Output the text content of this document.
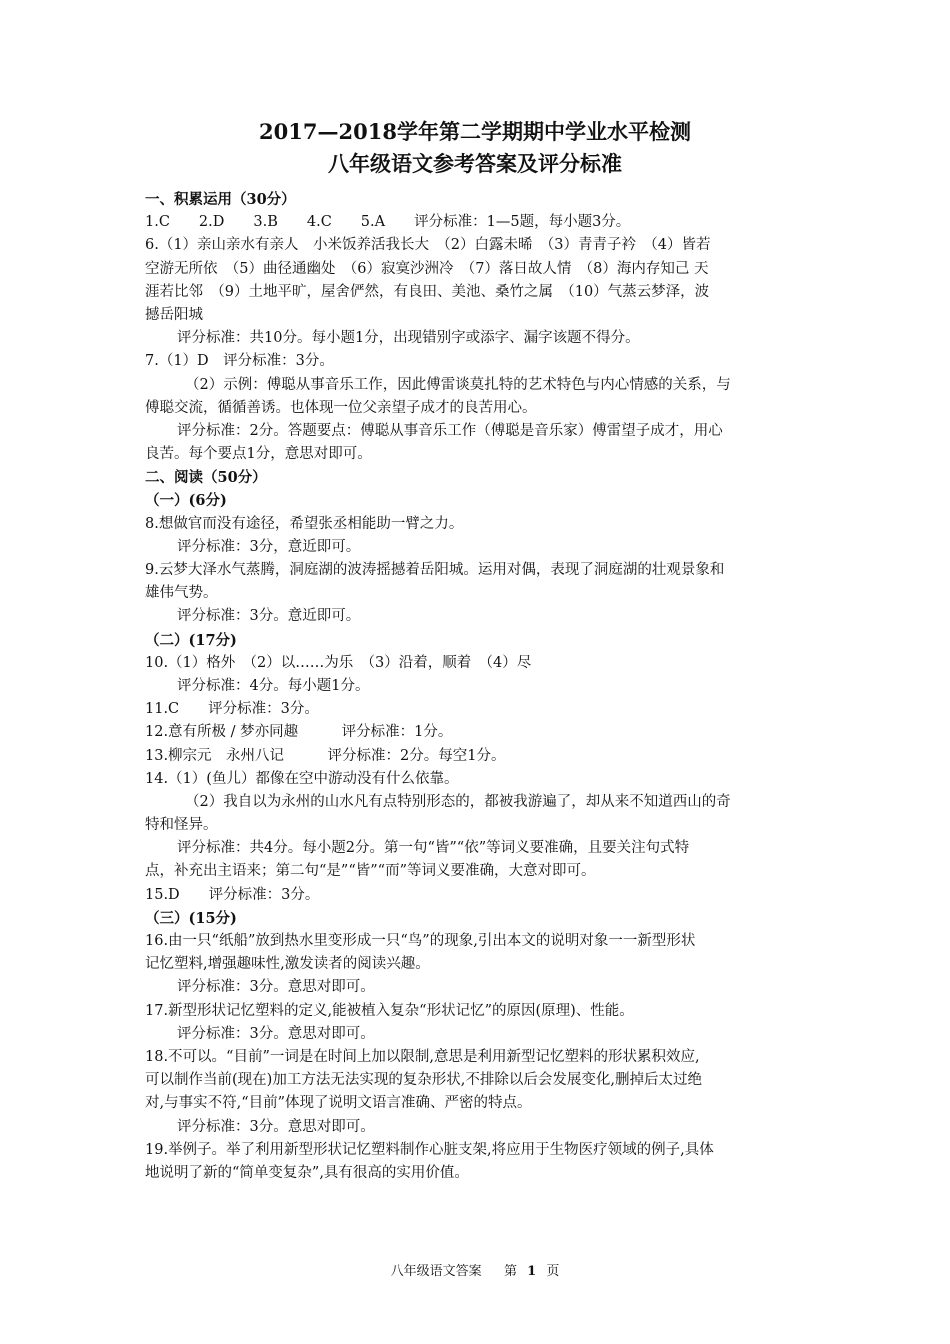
2017—2018学年第二学期期中学业水平检测
八年级语文参考答案及评分标准
一、积累运用（30分）
1.C　　2.D　　3.B　　4.C　　5.A　　评分标准：1—5题，每小题3分。
6.（1）亲山亲水有亲人　小米饭养活我长大　（2）白露未晞　（3）青青子衿　（4）皆若
空游无所依　（5）曲径通幽处　（6）寂寞沙洲冷　（7）落日故人情　（8）海内存知己 天
涯若比邻　（9）土地平旷，屋舍俨然，有良田、美池、桑竹之属　（10）气蒸云梦泽，波
撼岳阳城
评分标准：共10分。每小题1分，出现错别字或添字、漏字该题不得分。
7.（1）D　评分标准：3分。
（2）示例：傅聪从事音乐工作，因此傅雷谈莫扎特的艺术特色与内心情感的关系，与
傅聪交流，循循善诱。也体现一位父亲望子成才的良苦用心。
评分标准：2分。答题要点：傅聪从事音乐工作（傅聪是音乐家）傅雷望子成才，用心
良苦。每个要点1分，意思对即可。
二、阅读（50分）
（一）(6分)
8.想做官而没有途径，希望张丞相能助一臂之力。
评分标准：3分，意近即可。
9.云梦大泽水气蒸腾，洞庭湖的波涛摇撼着岳阳城。运用对偶，表现了洞庭湖的壮观景象和
雄伟气势。
评分标准：3分。意近即可。
（二）(17分)
10.（1）格外　（2）以……为乐　（3）沿着，顺着　（4）尽
评分标准：4分。每小题1分。
11.C　　评分标准：3分。
12.意有所极 / 梦亦同趣　　　评分标准：1分。
13.柳宗元　永州八记　　　评分标准：2分。每空1分。
14.（1）(鱼儿）都像在空中游动没有什么依靠。
（2）我自以为永州的山水凡有点特别形态的，都被我游遍了，却从来不知道西山的奇
特和怪异。
评分标准：共4分。每小题2分。第一句“皆”“依”等词义要准确，且要关注句式特
点，补充出主语来；第二句“是”“皆”“而”等词义要准确，大意对即可。
15.D　　评分标准：3分。
（三）(15分)
16.由一只“纸船”放到热水里变形成一只“鸟”的现象,引出本文的说明对象一一新型形状
记忆塑料,增强趣味性,激发读者的阅读兴趣。
评分标准：3分。意思对即可。
17.新型形状记忆塑料的定义,能被植入复杂“形状记忆”的原因(原理)、性能。
评分标准：3分。意思对即可。
18.不可以。“目前”一词是在时间上加以限制,意思是利用新型记忆塑料的形状累积效应,
可以制作当前(现在)加工方法无法实现的复杂形状,不排除以后会发展变化,删掉后太过绝
对,与事实不符,“目前”体现了说明文语言准确、严密的特点。
评分标准：3分。意思对即可。
19.举例子。举了利用新型形状记忆塑料制作心脏支架,将应用于生物医疗领域的例子,具体
地说明了新的“简单变复杂”,具有很高的实用价值。
八年级语文答案 第 1 页
